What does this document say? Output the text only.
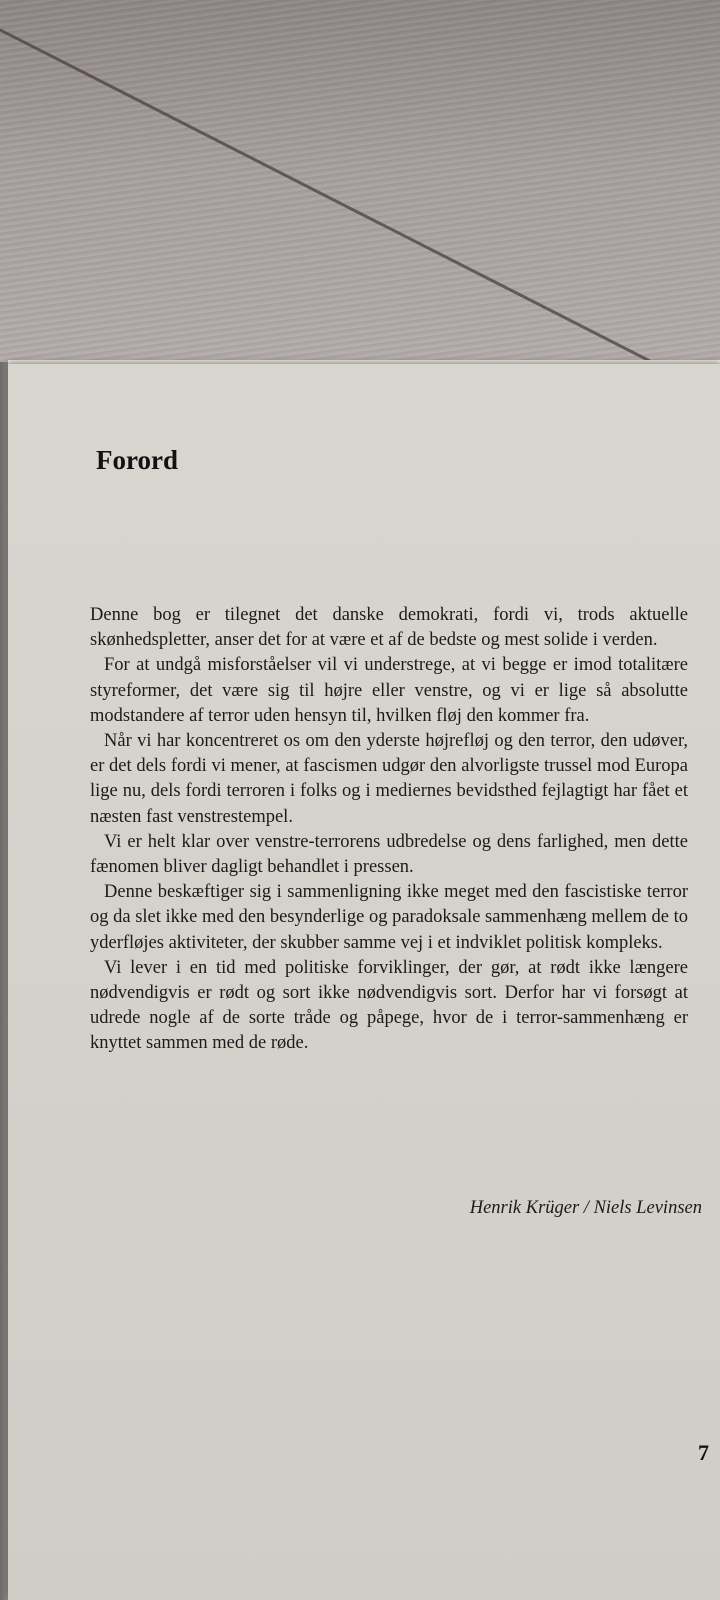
Forord

Denne bog er tilegnet det danske demokrati, fordi vi, trods aktuelle skønhedspletter, anser det for at være et af de bedste og mest solide i verden.

For at undgå misforståelser vil vi understrege, at vi begge er imod totalitære styreformer, det være sig til højre eller venstre, og vi er lige så absolutte modstandere af terror uden hensyn til, hvilken fløj den kommer fra.

Når vi har koncentreret os om den yderste højrefløj og den terror, den udøver, er det dels fordi vi mener, at fascismen udgør den alvorligste trussel mod Europa lige nu, dels fordi terroren i folks og i mediernes bevidsthed fejlagtigt har fået et næsten fast venstrestempel.

Vi er helt klar over venstre-terrorens udbredelse og dens farlighed, men dette fænomen bliver dagligt behandlet i pressen.

Denne beskæftiger sig i sammenligning ikke meget med den fascistiske terror og da slet ikke med den besynderlige og paradoksale sammenhæng mellem de to yderfløjes aktiviteter, der skubber samme vej i et indviklet politisk kompleks.

Vi lever i en tid med politiske forviklinger, der gør, at rødt ikke længere nødvendigvis er rødt og sort ikke nødvendigvis sort. Derfor har vi forsøgt at udrede nogle af de sorte tråde og påpege, hvor de i terror-sammenhæng er knyttet sammen med de røde.

Henrik Krüger / Niels Levinsen
7
